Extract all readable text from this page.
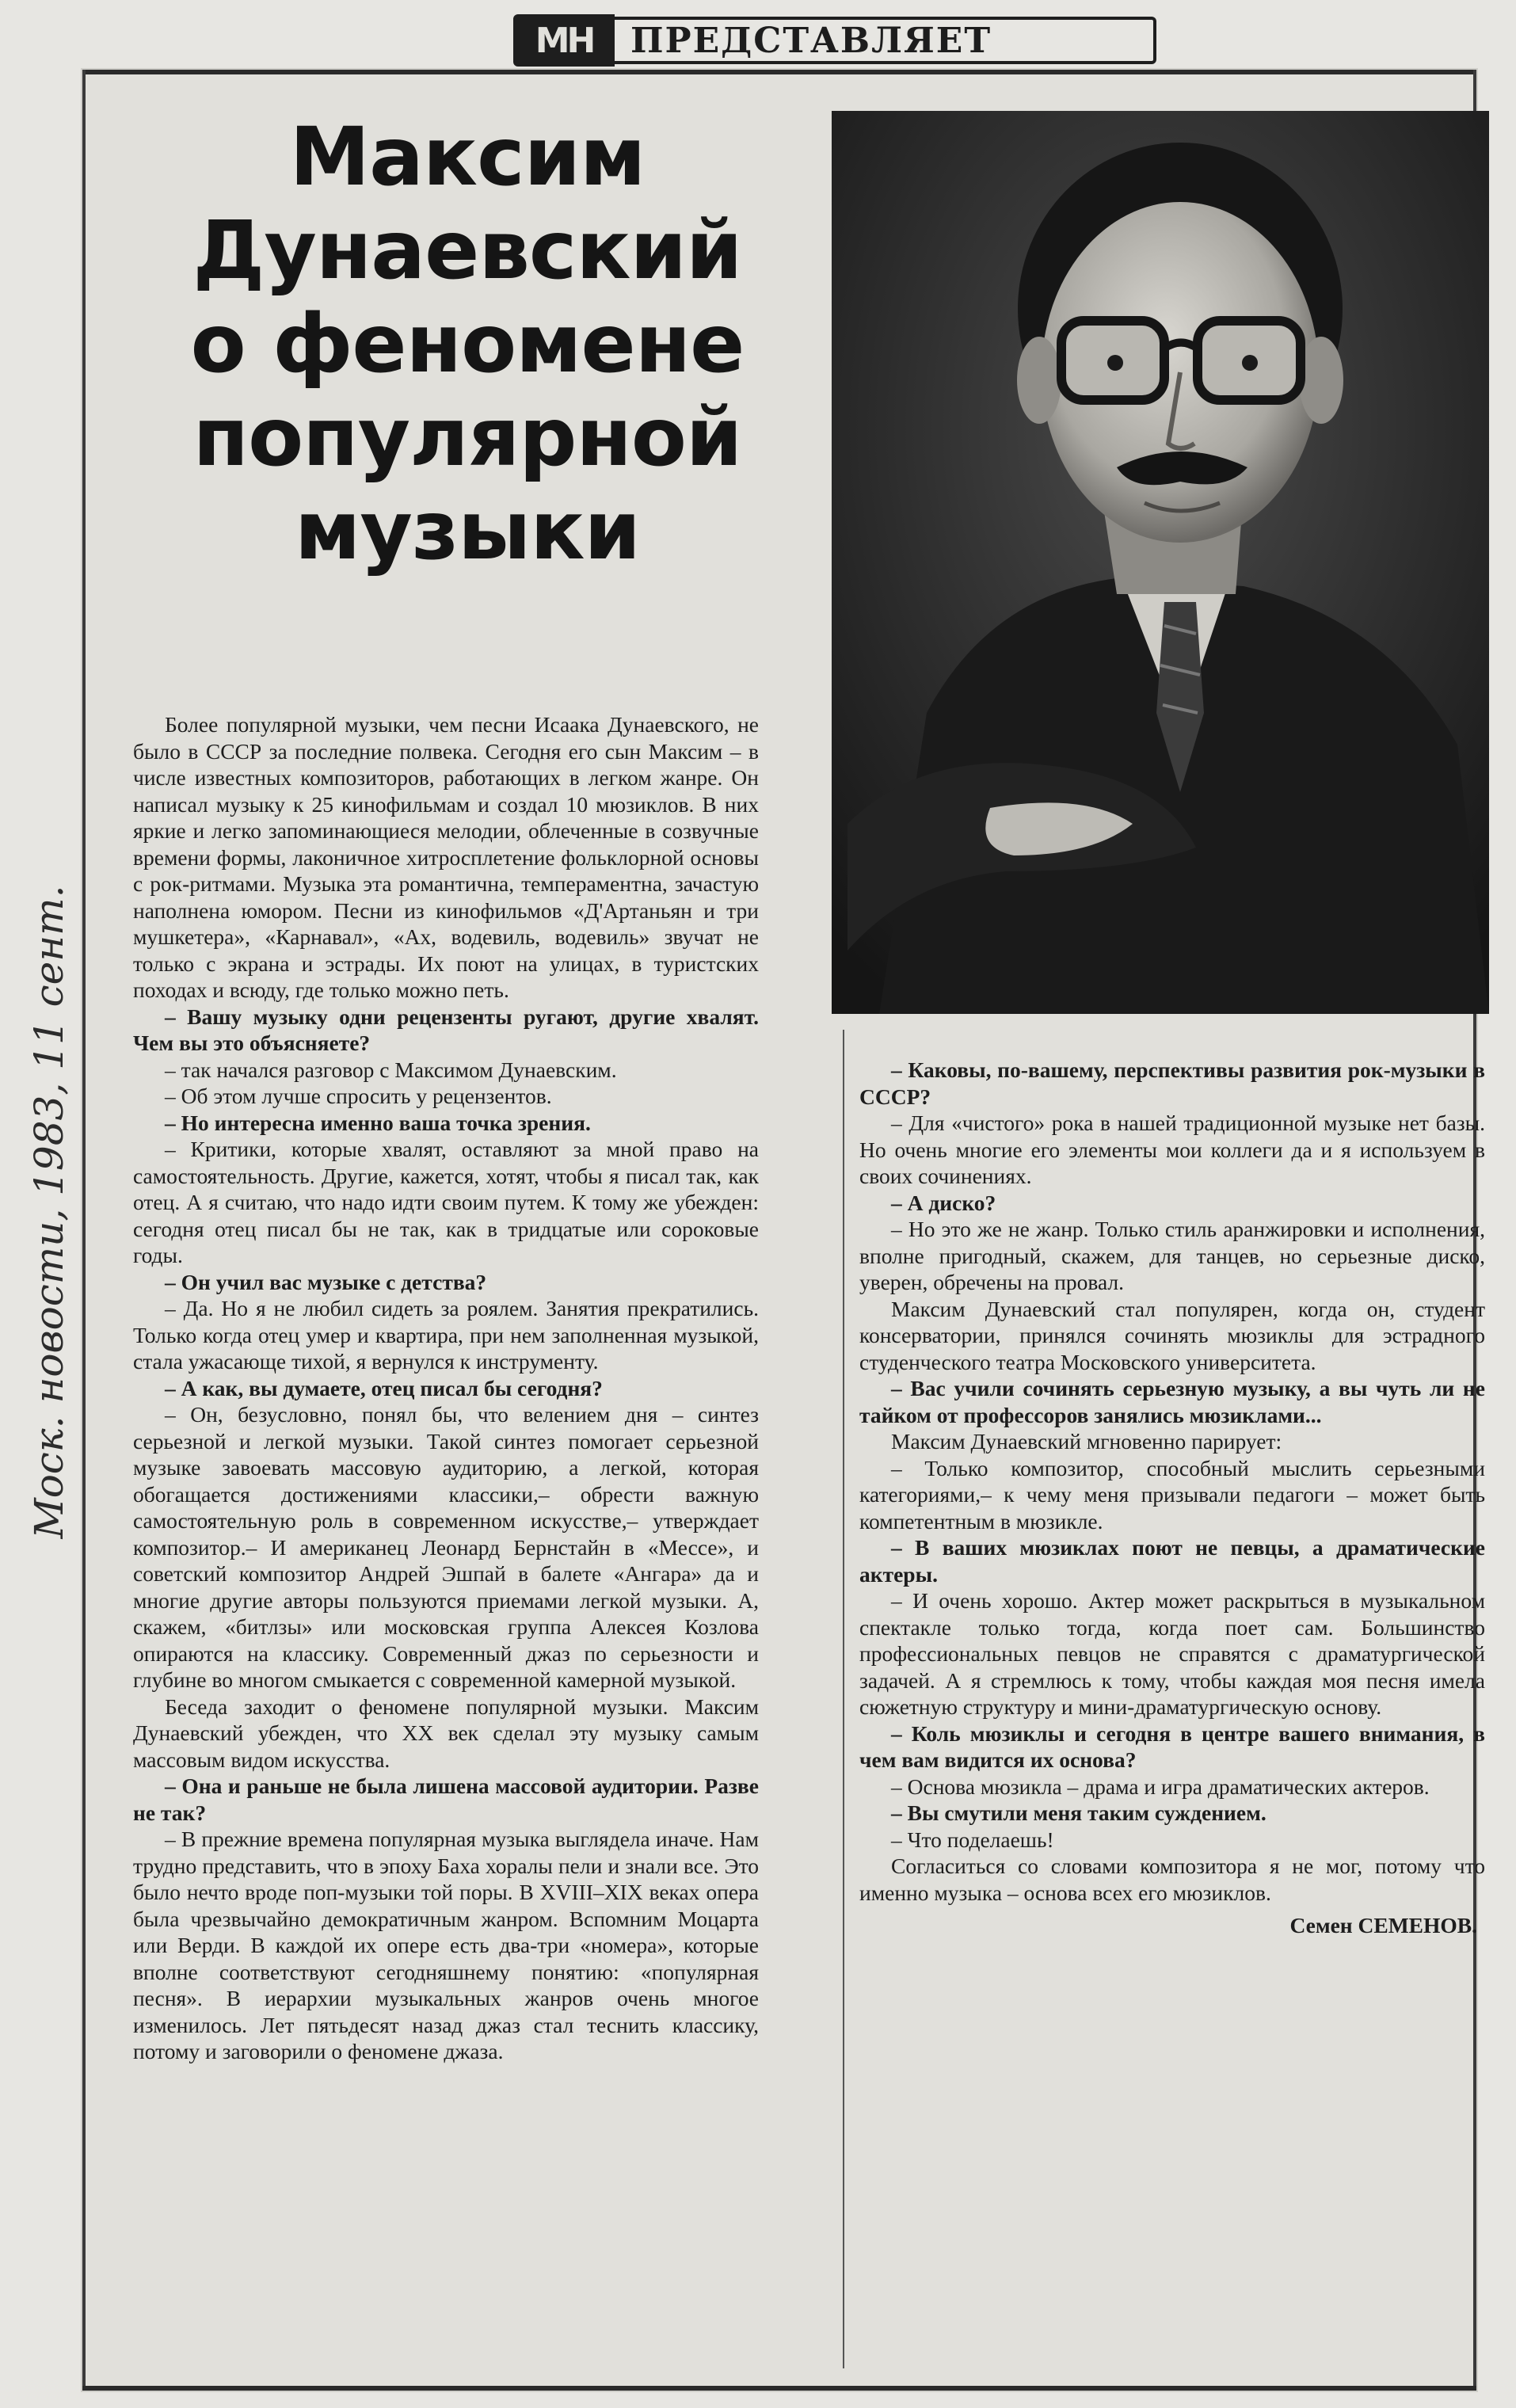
МН	ПРЕДСТАВЛЯЕТ
Максим
Дунаевский
о феномене
популярной
музыки
Моск. новости, 1983, 11 сент.

Более популярной музыки, чем песни Исаака Дунаевского, не было в СССР за последние полвека. Сегодня его сын Максим – в числе известных композиторов, работающих в легком жанре. Он написал музыку к 25 кинофильмам и создал 10 мюзиклов. В них яркие и легко запоминающиеся мелодии, облеченные в созвучные времени формы, лаконичное хитросплетение фольклорной основы с рок-ритмами. Музыка эта романтична, темпераментна, зачастую наполнена юмором. Песни из кинофильмов «Д'Артаньян и три мушкетера», «Карнавал», «Ах, водевиль, водевиль» звучат не только с экрана и эстрады. Их поют на улицах, в туристских походах и всюду, где только можно петь.

– Вашу музыку одни рецензенты ругают, другие хвалят. Чем вы это объясняете?

– так начался разговор с Максимом Дунаевским.

– Об этом лучше спросить у рецензентов.

– Но интересна именно ваша точка зрения.

– Критики, которые хвалят, оставляют за мной право на самостоятельность. Другие, кажется, хотят, чтобы я писал так, как отец. А я считаю, что надо идти своим путем. К тому же убежден: сегодня отец писал бы не так, как в тридцатые или сороковые годы.

– Он учил вас музыке с детства?

– Да. Но я не любил сидеть за роялем. Занятия прекратились. Только когда отец умер и квартира, при нем заполненная музыкой, стала ужасающе тихой, я вернулся к инструменту.

– А как, вы думаете, отец писал бы сегодня?

– Он, безусловно, понял бы, что велением дня – синтез серьезной и легкой музыки. Такой синтез помогает серьезной музыке завоевать массовую аудиторию, а легкой, которая обогащается достижениями классики,– обрести важную самостоятельную роль в современном искусстве,– утверждает композитор.– И американец Леонард Бернстайн в «Мессе», и советский композитор Андрей Эшпай в балете «Ангара» да и многие другие авторы пользуются приемами легкой музыки. А, скажем, «битлзы» или московская группа Алексея Козлова опираются на классику. Современный джаз по серьезности и глубине во многом смыкается с современной камерной музыкой.

Беседа заходит о феномене популярной музыки. Максим Дунаевский убежден, что XX век сделал эту музыку самым массовым видом искусства.

– Она и раньше не была лишена массовой аудитории. Разве не так?

– В прежние времена популярная музыка выглядела иначе. Нам трудно представить, что в эпоху Баха хоралы пели и знали все. Это было нечто вроде поп-музыки той поры. В XVIII–XIX веках опера была чрезвычайно демократичным жанром. Вспомним Моцарта или Верди. В каждой их опере есть два-три «номера», которые вполне соответствуют сегодняшнему понятию: «популярная песня». В иерархии музыкальных жанров очень многое изменилось. Лет пятьдесят назад джаз стал теснить классику, потому и заговорили о феномене джаза.

– Каковы, по-вашему, перспективы развития рок-музыки в СССР?

– Для «чистого» рока в нашей традиционной музыке нет базы. Но очень многие его элементы мои коллеги да и я используем в своих сочинениях.

– А диско?

– Но это же не жанр. Только стиль аранжировки и исполнения, вполне пригодный, скажем, для танцев, но серьезные диско, уверен, обречены на провал.

Максим Дунаевский стал популярен, когда он, студент консерватории, принялся сочинять мюзиклы для эстрадного студенческого театра Московского университета.

– Вас учили сочинять серьезную музыку, а вы чуть ли не тайком от профессоров занялись мюзиклами...

Максим Дунаевский мгновенно парирует:

– Только композитор, способный мыслить серьезными категориями,– к чему меня призывали педагоги – может быть компетентным в мюзикле.

– В ваших мюзиклах поют не певцы, а драматические актеры.

– И очень хорошо. Актер может раскрыться в музыкальном спектакле только тогда, когда поет сам. Большинство профессиональных певцов не справятся с драматургической задачей. А я стремлюсь к тому, чтобы каждая моя песня имела сюжетную структуру и мини-драматургическую основу.

– Коль мюзиклы и сегодня в центре вашего внимания, в чем вам видится их основа?

– Основа мюзикла – драма и игра драматических актеров.

– Вы смутили меня таким суждением.

– Что поделаешь!

Согласиться со словами композитора я не мог, потому что именно музыка – основа всех его мюзиклов.

Семен СЕМЕНОВ.
